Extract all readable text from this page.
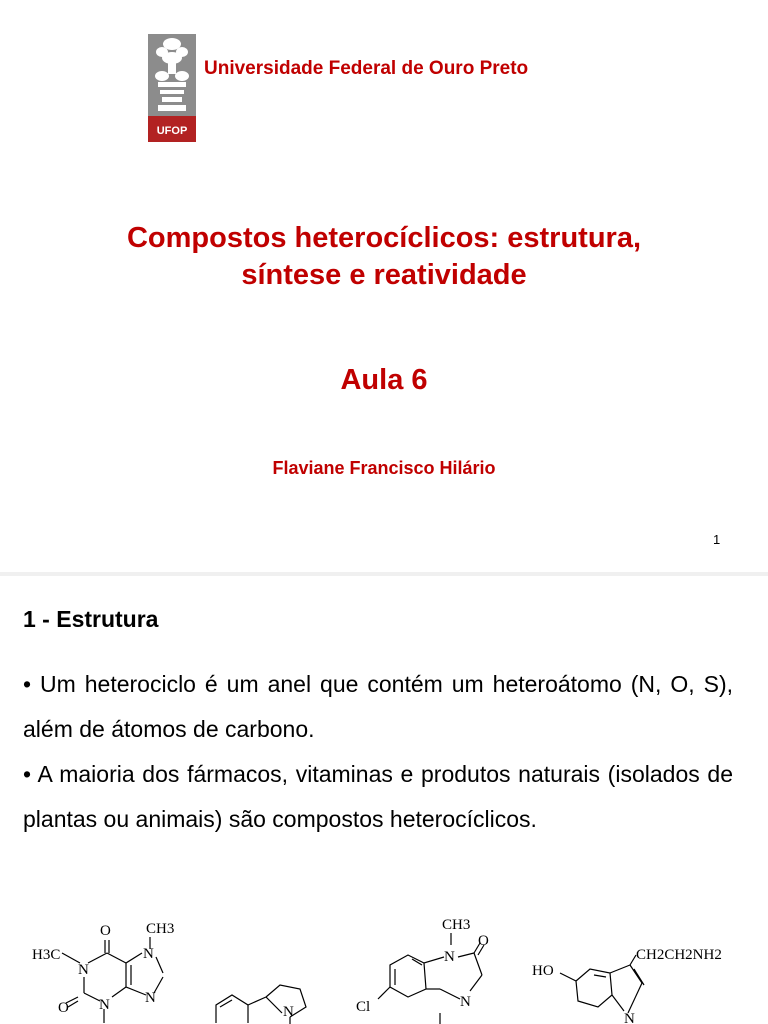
UFOP
Universidade Federal de Ouro Preto
Compostos heterocíclicos: estrutura,
síntese e reatividade
Aula 6
Flaviane Francisco Hilário
1
1 - Estrutura
• Um heterociclo é um anel que contém um heteroátomo (N, O, S), além de átomos de carbono.
• A maioria dos fármacos, vitaminas e produtos naturais (isolados de plantas ou animais) são compostos heterocíclicos.
H3C
O CH3
N
N
N
N
O	N
CH3
N
O
N
Cl
HO
CH2CH2NH2
N
